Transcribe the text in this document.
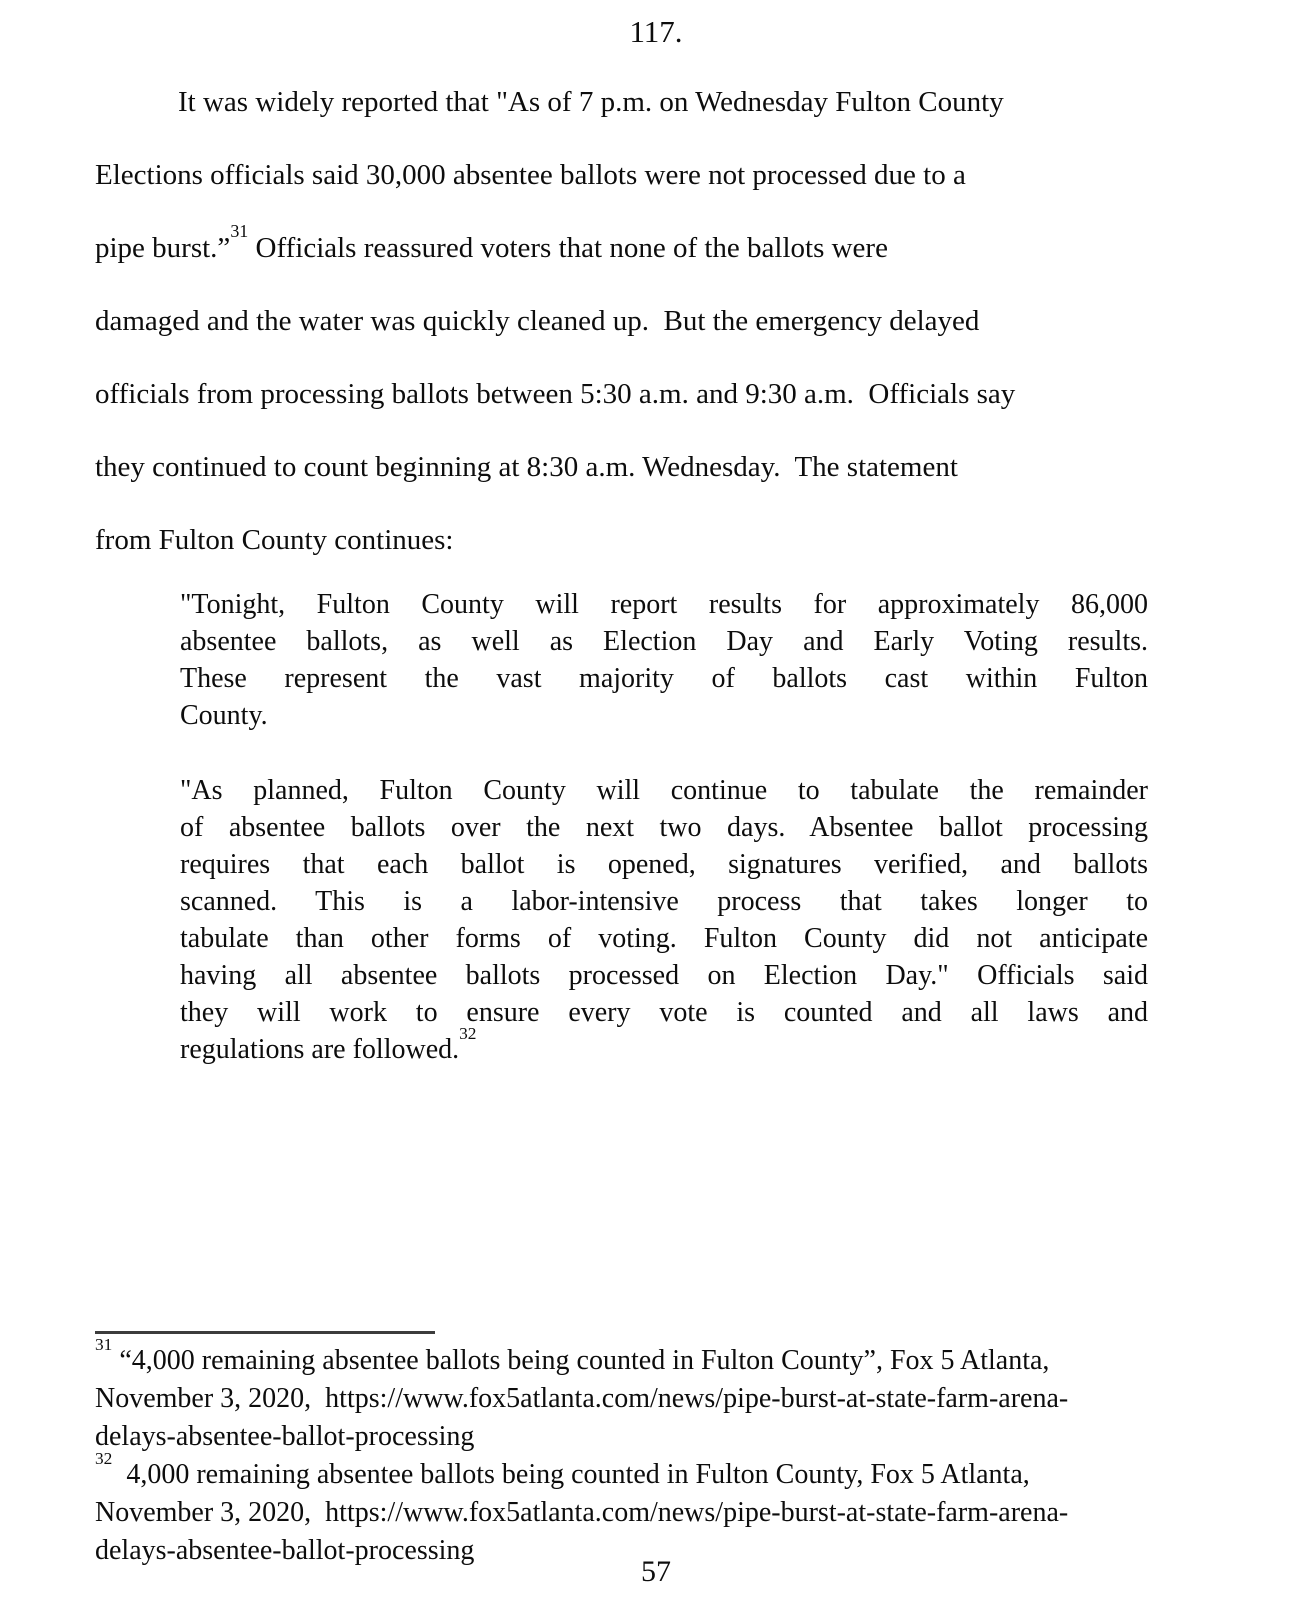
117.
It was widely reported that "As of 7 p.m. on Wednesday Fulton County
Elections officials said 30,000 absentee ballots were not processed due to a
pipe burst.”$^{31}$ Officials reassured voters that none of the ballots were
damaged and the water was quickly cleaned up.  But the emergency delayed
officials from processing ballots between 5:30 a.m. and 9:30 a.m.  Officials say
they continued to count beginning at 8:30 a.m. Wednesday.  The statement
from Fulton County continues:
"Tonight, Fulton County will report results for approximately 86,000
absentee ballots, as well as Election Day and Early Voting results.
These represent the vast majority of ballots cast within Fulton
County.
"As planned, Fulton County will continue to tabulate the remainder
of absentee ballots over the next two days. Absentee ballot processing
requires that each ballot is opened, signatures verified, and ballots
scanned. This is a labor-intensive process that takes longer to
tabulate than other forms of voting. Fulton County did not anticipate
having all absentee ballots processed on Election Day." Officials said
they will work to ensure every vote is counted and all laws and
regulations are followed.$^{32}$
$^{31}$ “4,000 remaining absentee ballots being counted in Fulton County”, Fox 5 Atlanta,
November 3, 2020,  https://www.fox5atlanta.com/news/pipe-burst-at-state-farm-arena-
delays-absentee-ballot-processing
$^{32}$  4,000 remaining absentee ballots being counted in Fulton County, Fox 5 Atlanta,
November 3, 2020,  https://www.fox5atlanta.com/news/pipe-burst-at-state-farm-arena-
delays-absentee-ballot-processing
57
